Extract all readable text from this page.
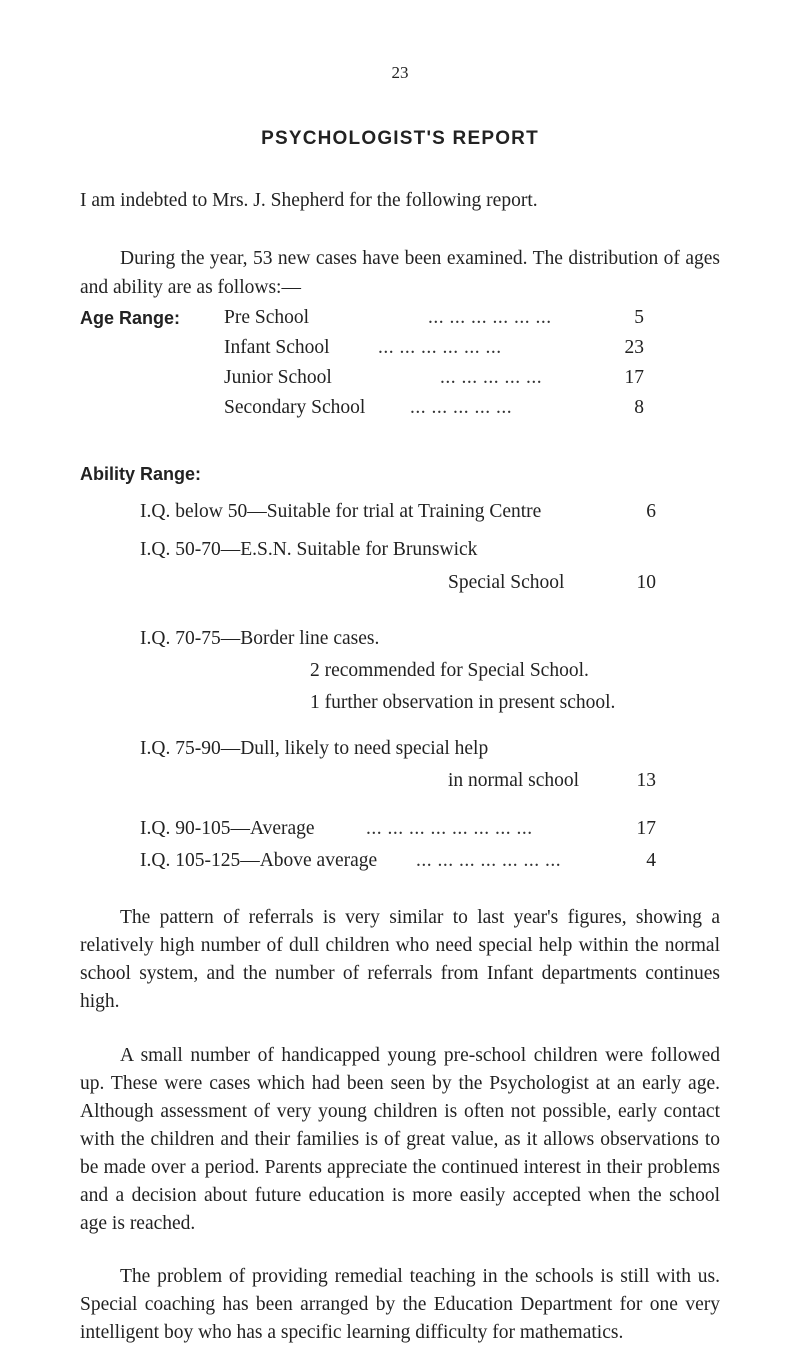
23
PSYCHOLOGIST'S REPORT
I am indebted to Mrs. J. Shepherd for the following report.
During the year, 53 new cases have been examined. The distribution of ages and ability are as follows:—
Age Range: Pre School	... ... ... ... ... ...	5
Infant School ... ... ... ... ... ...	23
Junior School	... ... ... ... ...	17
Secondary School ... ... ... ... ...	8
Ability Range:
I.Q. below 50—Suitable for trial at Training Centre	6
I.Q. 50-70—E.S.N. Suitable for Brunswick
Special School	10
I.Q. 70-75—Border line cases.
2 recommended for Special School.
1 further observation in present school.
I.Q. 75-90—Dull, likely to need special help
in normal school	13
I.Q. 90-105—Average	... ... ... ... ... ... ... ...	17
I.Q. 105-125—Above average ... ... ... ... ... ... ...	4
The pattern of referrals is very similar to last year's figures, showing a relatively high number of dull children who need special help within the normal school system, and the number of referrals from Infant departments continues high.
A small number of handicapped young pre-school children were followed up. These were cases which had been seen by the Psychologist at an early age. Although assessment of very young children is often not possible, early contact with the children and their families is of great value, as it allows observations to be made over a period. Parents appreciate the continued interest in their problems and a decision about future education is more easily accepted when the school age is reached.
The problem of providing remedial teaching in the schools is still with us. Special coaching has been arranged by the Education Department for one very intelligent boy who has a specific learning difficulty for mathematics.
